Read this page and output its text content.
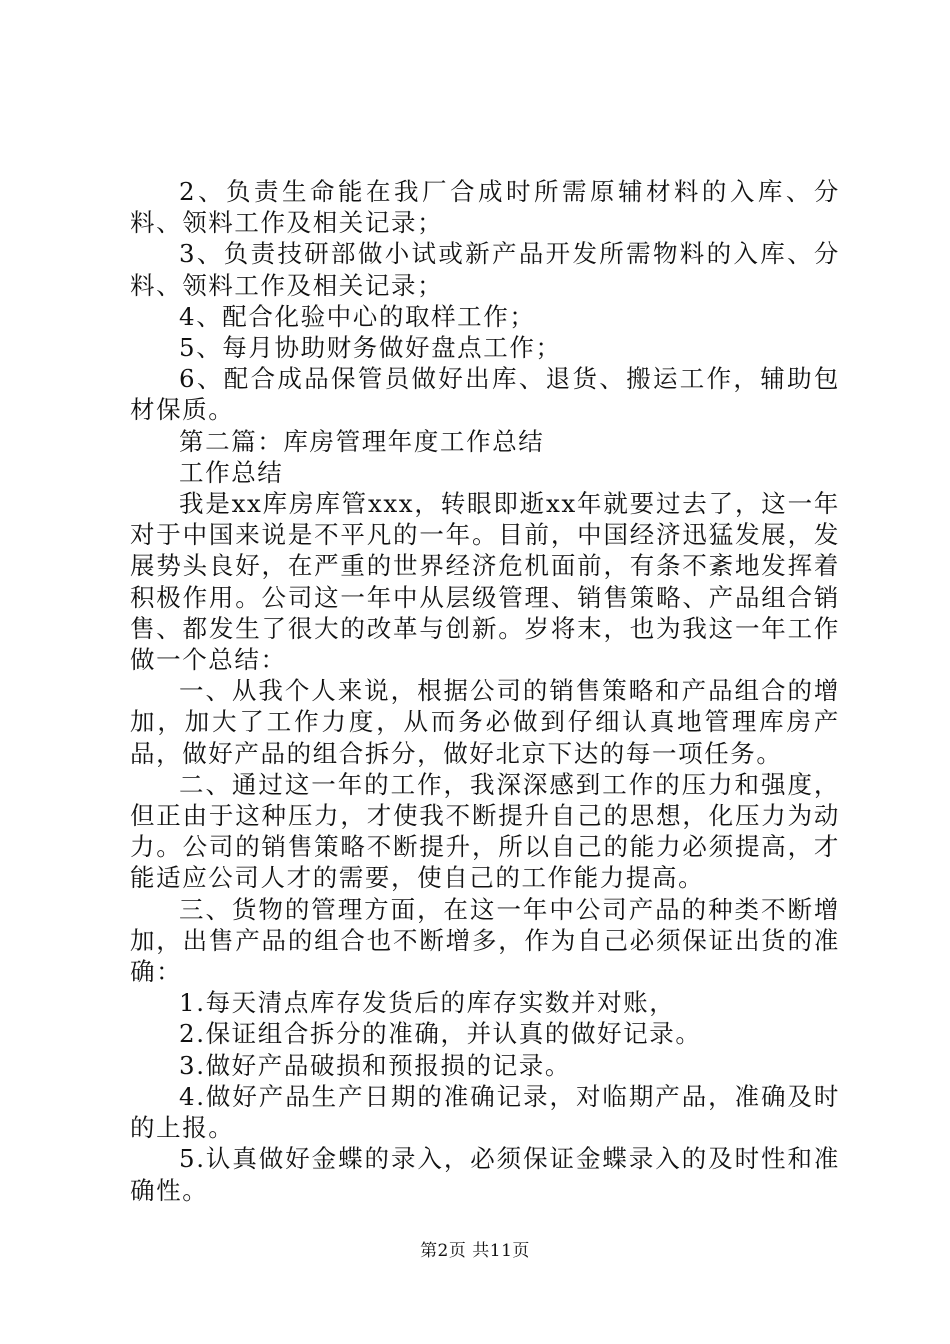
2、负责生命能在我厂合成时所需原辅材料的入库、分料、领料工作及相关记录；

3、负责技研部做小试或新产品开发所需物料的入库、分料、领料工作及相关记录；

4、配合化验中心的取样工作；

5、每月协助财务做好盘点工作；

6、配合成品保管员做好出库、退货、搬运工作，辅助包材保质。

第二篇：库房管理年度工作总结

工作总结

我是xx库房库管xxx，转眼即逝xx年就要过去了，这一年对于中国来说是不平凡的一年。目前，中国经济迅猛发展，发展势头良好，在严重的世界经济危机面前，有条不紊地发挥着积极作用。公司这一年中从层级管理、销售策略、产品组合销售、都发生了很大的改革与创新。岁将末，也为我这一年工作做一个总结：

一、从我个人来说，根据公司的销售策略和产品组合的增加，加大了工作力度，从而务必做到仔细认真地管理库房产品，做好产品的组合拆分，做好北京下达的每一项任务。

二、通过这一年的工作，我深深感到工作的压力和强度，但正由于这种压力，才使我不断提升自己的思想，化压力为动力。公司的销售策略不断提升，所以自己的能力必须提高，才能适应公司人才的需要，使自己的工作能力提高。

三、货物的管理方面，在这一年中公司产品的种类不断增加，出售产品的组合也不断增多，作为自己必须保证出货的准确：

1.每天清点库存发货后的库存实数并对账，

2.保证组合拆分的准确，并认真的做好记录。

3.做好产品破损和预报损的记录。

4.做好产品生产日期的准确记录，对临期产品，准确及时的上报。

5.认真做好金蝶的录入，必须保证金蝶录入的及时性和准确性。

第2页 共11页
